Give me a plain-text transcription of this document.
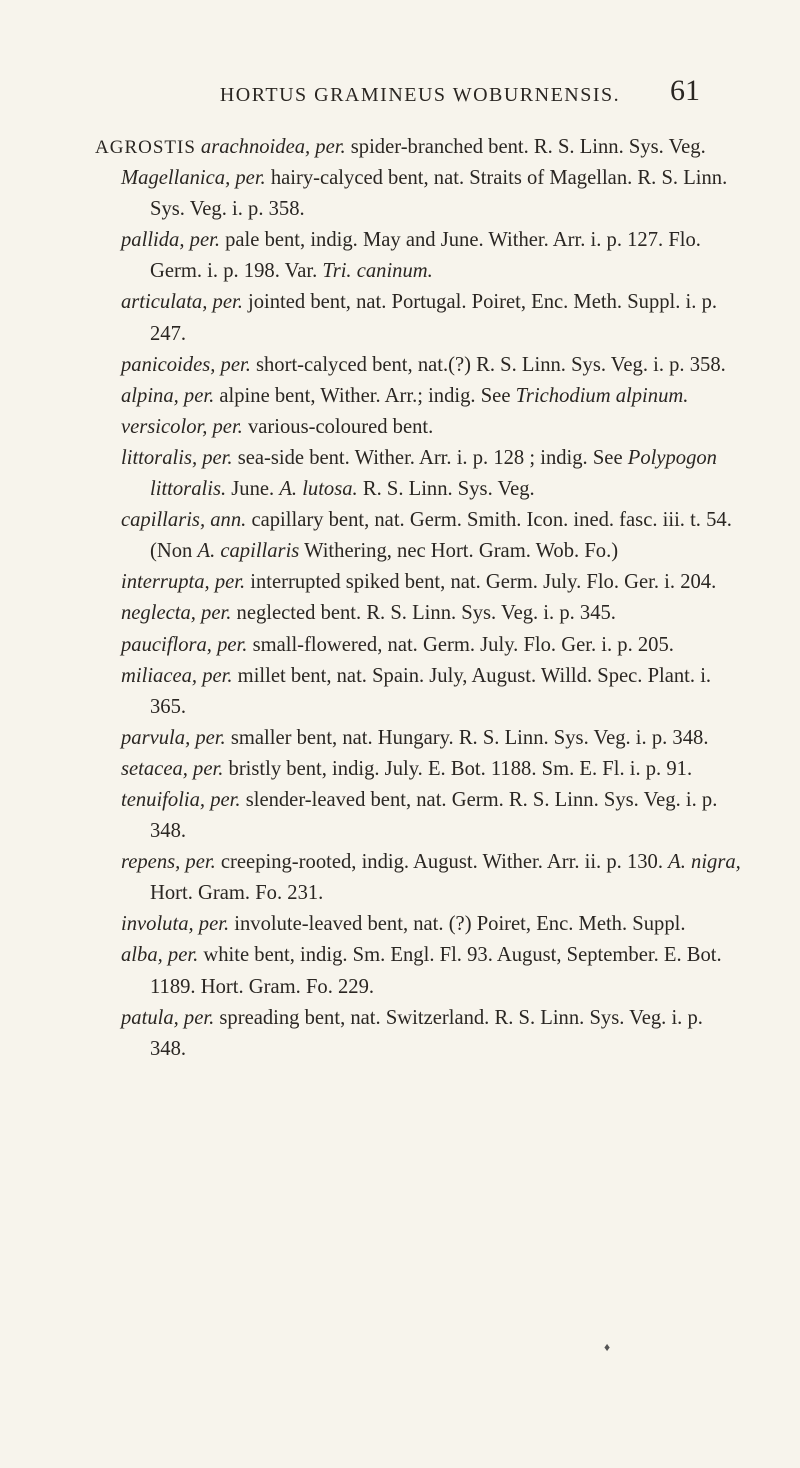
HORTUS GRAMINEUS WOBURNENSIS.	61

AGROSTIS arachnoidea, per. spider-branched bent. R. S. Linn. Sys. Veg.

Magellanica, per. hairy-calyced bent, nat. Straits of Magellan. R. S. Linn. Sys. Veg. i. p. 358.

pallida, per. pale bent, indig. May and June. Wither. Arr. i. p. 127. Flo. Germ. i. p. 198. Var. Tri. caninum.

articulata, per. jointed bent, nat. Portugal. Poiret, Enc. Meth. Suppl. i. p. 247.

panicoides, per. short-calyced bent, nat.(?) R. S. Linn. Sys. Veg. i. p. 358.

alpina, per. alpine bent, Wither. Arr.; indig. See Trichodium alpinum.

versicolor, per. various-coloured bent.

littoralis, per. sea-side bent. Wither. Arr. i. p. 128 ; indig. See Polypogon littoralis. June. A. lutosa. R. S. Linn. Sys. Veg.

capillaris, ann. capillary bent, nat. Germ. Smith. Icon. ined. fasc. iii. t. 54. (Non A. capillaris Withering, nec Hort. Gram. Wob. Fo.)

interrupta, per. interrupted spiked bent, nat. Germ. July. Flo. Ger. i. 204.

neglecta, per. neglected bent. R. S. Linn. Sys. Veg. i. p. 345.

pauciflora, per. small-flowered, nat. Germ. July. Flo. Ger. i. p. 205.

miliacea, per. millet bent, nat. Spain. July, August. Willd. Spec. Plant. i. 365.

parvula, per. smaller bent, nat. Hungary. R. S. Linn. Sys. Veg. i. p. 348.

setacea, per. bristly bent, indig. July. E. Bot. 1188. Sm. E. Fl. i. p. 91.

tenuifolia, per. slender-leaved bent, nat. Germ. R. S. Linn. Sys. Veg. i. p. 348.

repens, per. creeping-rooted, indig. August. Wither. Arr. ii. p. 130. A. nigra, Hort. Gram. Fo. 231.

involuta, per. involute-leaved bent, nat. (?) Poiret, Enc. Meth. Suppl.

alba, per. white bent, indig. Sm. Engl. Fl. 93. August, September. E. Bot. 1189. Hort. Gram. Fo. 229.

patula, per. spreading bent, nat. Switzerland. R. S. Linn. Sys. Veg. i. p. 348.

♦
